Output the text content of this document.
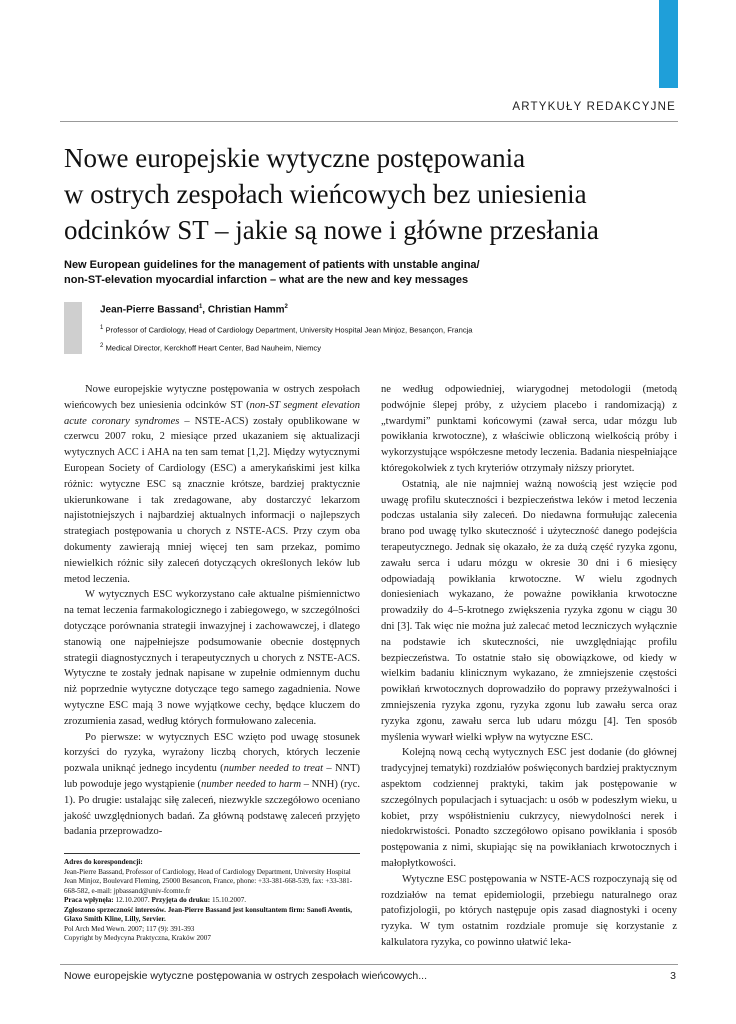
ARTYKUŁY REDAKCYJNE
Nowe europejskie wytyczne postępowania
w ostrych zespołach wieńcowych bez uniesienia
odcinków ST – jakie są nowe i główne przesłania
New European guidelines for the management of patients with unstable angina/
non-ST-elevation myocardial infarction – what are the new and key messages
Jean-Pierre Bassand$^1$, Christian Hamm$^2$
$^1$ Professor of Cardiology, Head of Cardiology Department, University Hospital Jean Minjoz, Besançon, Francja
$^2$ Medical Director, Kerckhoff Heart Center, Bad Nauheim, Niemcy

Nowe europejskie wytyczne postępowania w ostrych zespołach wieńcowych bez uniesienia odcinków ST (non-ST segment elevation acute coronary syndromes – NSTE-ACS) zostały opublikowane w czerwcu 2007 roku, 2 miesiące przed ukazaniem się aktualizacji wytycznych ACC i AHA na ten sam temat [1,2]. Między wytycznymi European Society of Cardiology (ESC) a amerykańskimi jest kilka różnic: wytyczne ESC są znacznie krótsze, bardziej praktycznie ukierunkowane i tak zredagowane, aby dostarczyć lekarzom najistotniejszych i najbardziej aktualnych informacji o najlepszych strategiach postępowania u chorych z NSTE-ACS. Przy czym oba dokumenty zawierają mniej więcej ten sam przekaz, pomimo niewielkich różnic siły zaleceń dotyczących określonych leków lub metod leczenia.

W wytycznych ESC wykorzystano całe aktualne piśmiennictwo na temat leczenia farmakologicznego i zabiegowego, w szczególności dotyczące porównania strategii inwazyjnej i zachowawczej, i dlatego stanowią one najpełniejsze podsumowanie obecnie dostępnych strategii diagnostycznych i terapeutycznych u chorych z NSTE-ACS. Wytyczne te zostały jednak napisane w zupełnie odmiennym duchu niż poprzednie wytyczne dotyczące tego samego zagadnienia. Nowe wytyczne ESC mają 3 nowe wyjątkowe cechy, będące kluczem do zrozumienia zasad, według których formułowano zalecenia.

Po pierwsze: w wytycznych ESC wzięto pod uwagę stosunek korzyści do ryzyka, wyrażony liczbą chorych, których leczenie pozwala uniknąć jednego incydentu (number needed to treat – NNT) lub powoduje jego wystąpienie (number needed to harm – NNH) (ryc. 1). Po drugie: ustalając siłę zaleceń, niezwykle szczegółowo oceniano jakość uwzględnionych badań. Za główną podstawę zaleceń przyjęto badania przeprowadzo-

ne według odpowiedniej, wiarygodnej metodologii (metodą podwójnie ślepej próby, z użyciem placebo i randomizacją) z „twardymi” punktami końcowymi (zawał serca, udar mózgu lub powikłania krwotoczne), z właściwie obliczoną wielkością próby i wykorzystujące współczesne metody leczenia. Badania niespełniające któregokolwiek z tych kryteriów otrzymały niższy priorytet.

Ostatnią, ale nie najmniej ważną nowością jest wzięcie pod uwagę profilu skuteczności i bezpieczeństwa leków i metod leczenia podczas ustalania siły zaleceń. Do niedawna formułując zalecenia brano pod uwagę tylko skuteczność i użyteczność danego podejścia terapeutycznego. Jednak się okazało, że za dużą część ryzyka zgonu, zawału serca i udaru mózgu w okresie 30 dni i 6 miesięcy odpowiadają powikłania krwotoczne. W wielu zgodnych doniesieniach wykazano, że poważne powikłania krwotoczne prowadziły do 4–5-krotnego zwiększenia ryzyka zgonu w ciągu 30 dni [3]. Tak więc nie można już zalecać metod leczniczych wyłącznie na podstawie ich skuteczności, nie uwzględniając profilu bezpieczeństwa. To ostatnie stało się obowiązkowe, od kiedy w wielkim badaniu klinicznym wykazano, że zmniejszenie częstości powikłań krwotocznych doprowadziło do poprawy przeżywalności i zmniejszenia ryzyka zgonu, ryzyka zgonu lub zawału serca oraz ryzyka zgonu, zawału serca lub udaru mózgu [4]. Ten sposób myślenia wywarł wielki wpływ na wytyczne ESC.

Kolejną nową cechą wytycznych ESC jest dodanie (do głównej tradycyjnej tematyki) rozdziałów poświęconych bardziej praktycznym aspektom codziennej praktyki, takim jak postępowanie w szczególnych populacjach i sytuacjach: u osób w podeszłym wieku, u kobiet, przy współistnieniu cukrzycy, niewydolności nerek i niedokrwistości. Ponadto szczegółowo opisano powikłania i sposób postępowania z nimi, skupiając się na powikłaniach krwotocznych i małopłytkowości.

Wytyczne ESC postępowania w NSTE-ACS rozpoczynają się od rozdziałów na temat epidemiologii, przebiegu naturalnego oraz patofizjologii, po których następuje opis zasad diagnostyki i oceny ryzyka. W tym ostatnim rozdziale promuje się korzystanie z kalkulatora ryzyka, co powinno ułatwić leka-

Adres do korespondencji:
Jean-Pierre Bassand, Professor of Cardiology, Head of Cardiology Department, University Hospital Jean Minjoz, Boulevard Fleming, 25000 Besancon, France, phone: +33-381-668-539, fax: +33-381-668-582, e-mail: jpbassand@univ-fcomte.fr
Praca wpłynęła: 12.10.2007. Przyjęta do druku: 15.10.2007.
Zgłoszono sprzeczność interesów. Jean-Pierre Bassand jest konsultantem firm: Sanofi Aventis, Glaxo Smith Kline, Lilly, Servier.
Pol Arch Med Wewn. 2007; 117 (9): 391-393
Copyright by Medycyna Praktyczna, Kraków 2007
Nowe europejskie wytyczne postępowania w ostrych zespołach wieńcowych...	3
